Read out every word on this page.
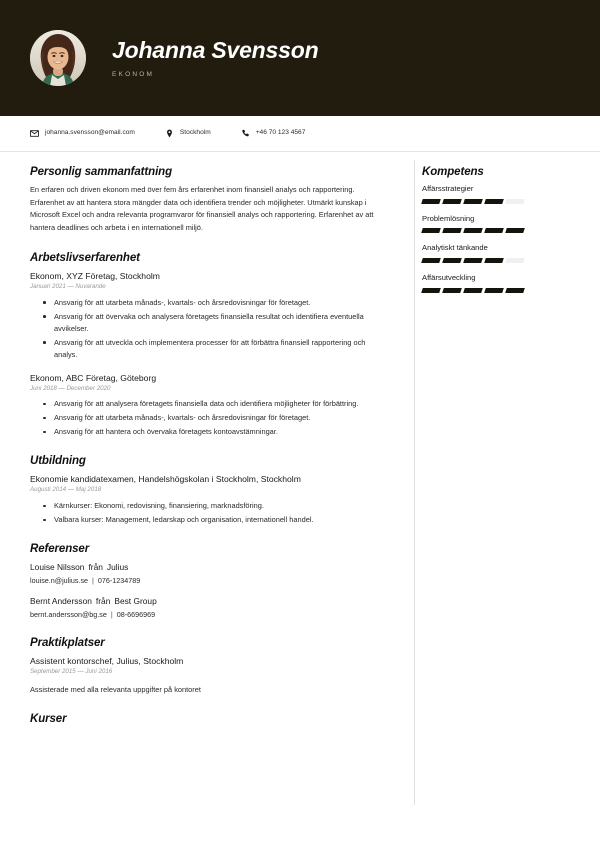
Johanna Svensson
EKONOM
johanna.svensson@email.com	Stockholm	+46 70 123 4567
Personlig sammanfattning

En erfaren och driven ekonom med över fem års erfarenhet inom finansiell analys och rapportering. Erfarenhet av att hantera stora mängder data och identifiera trender och möjligheter. Utmärkt kunskap i Microsoft Excel och andra relevanta programvaror för finansiell analys och rapportering. Erfarenhet av att hantera deadlines och arbeta i en internationell miljö.

Arbetslivserfarenhet
Ekonom, XYZ Företag, Stockholm
Januari 2021 — Nuvarande
Ansvarig för att utarbeta månads-, kvartals- och årsredovisningar för företaget.
Ansvarig för att övervaka och analysera företagets finansiella resultat och identifiera eventuella avvikelser.
Ansvarig för att utveckla och implementera processer för att förbättra finansiell rapportering och analys.
Ekonom, ABC Företag, Göteborg
Juni 2018 — December 2020
Ansvarig för att analysera företagets finansiella data och identifiera möjligheter för förbättring.
Ansvarig för att utarbeta månads-, kvartals- och årsredovisningar för företaget.
Ansvarig för att hantera och övervaka företagets kontoavstämningar.
Utbildning
Ekonomie kandidatexamen, Handelshögskolan i Stockholm, Stockholm
Augusti 2014 — Maj 2018
Kärnkurser: Ekonomi, redovisning, finansiering, marknadsföring.
Valbara kurser: Management, ledarskap och organisation, internationell handel.
Referenser
Louise Nilsson från Julius
louise.n@julius.se | 076-1234789
Bernt Andersson från Best Group
bernt.andersson@bg.se | 08-6696969
Praktikplatser
Assistent kontorschef, Julius, Stockholm
September 2015 — Juni 2016
Assisterade med alla relevanta uppgifter på kontoret
Kurser
Kompetens
Affärsstrategier
Problemlösning
Analytiskt tänkande
Affärsutveckling
